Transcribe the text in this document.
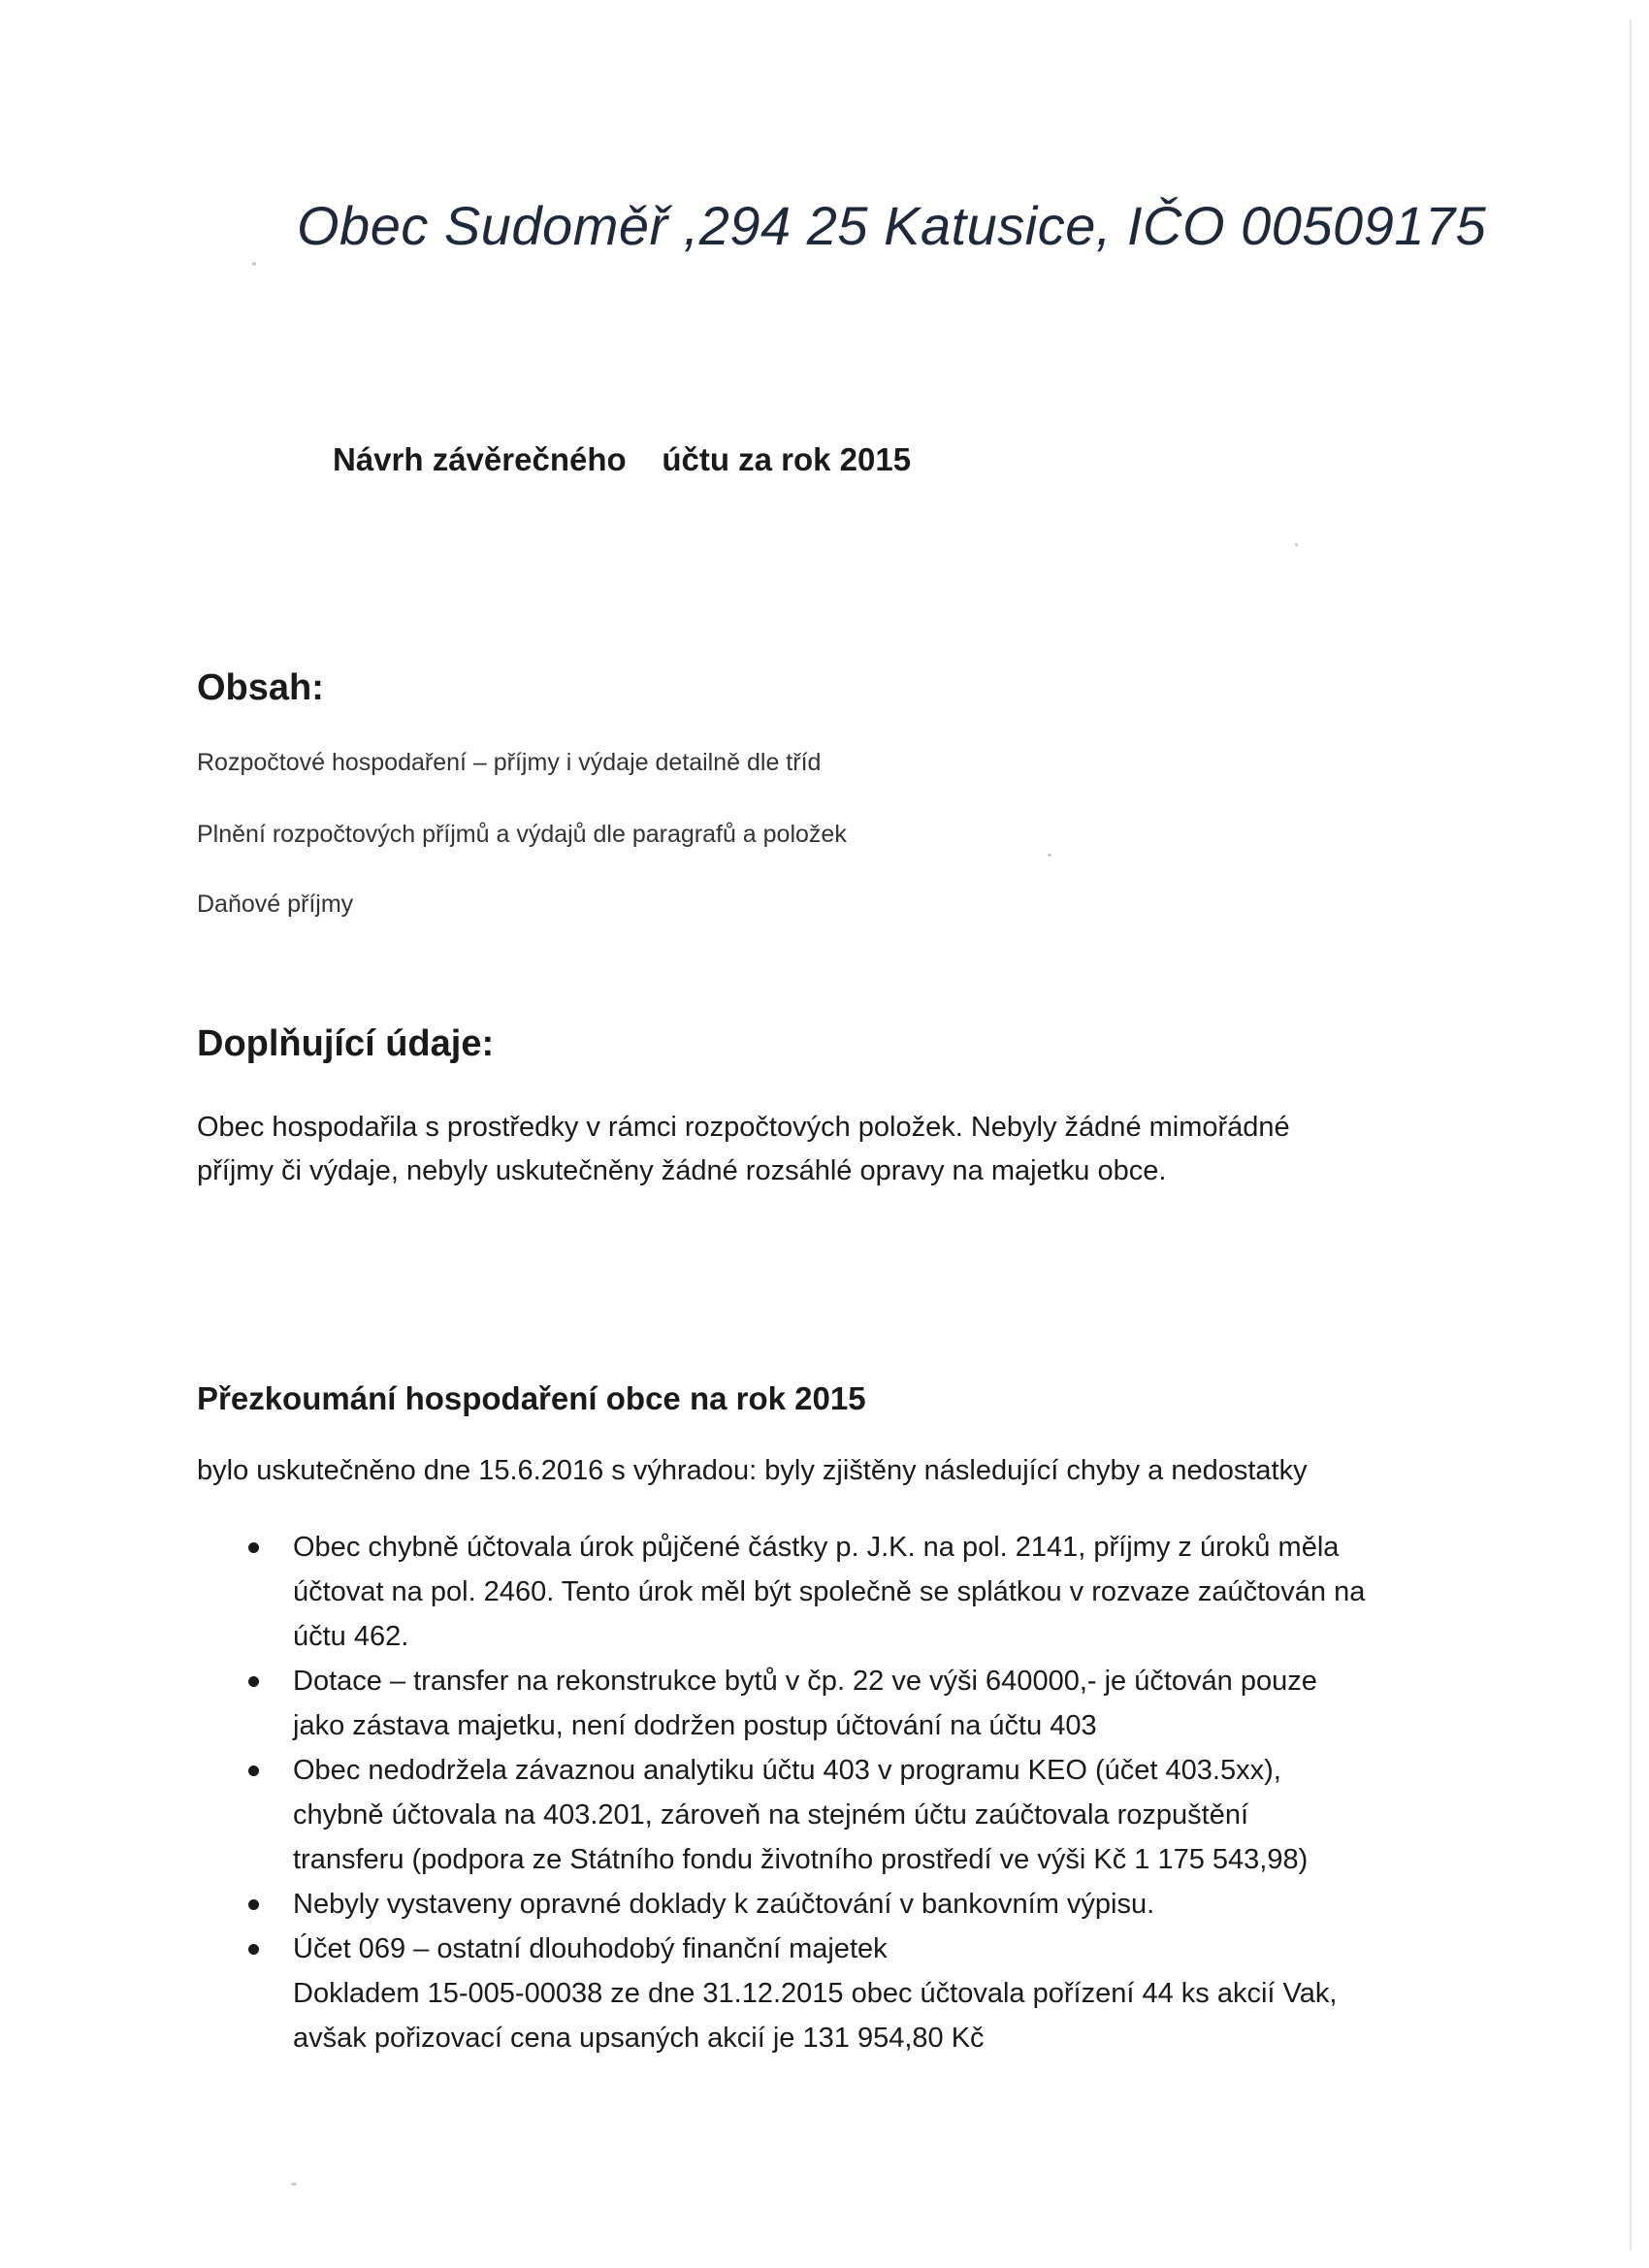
Obec Sudoměř ,294 25 Katusice, IČO 00509175
Návrh závěrečného    účtu za rok 2015
Obsah:
Rozpočtové hospodaření – příjmy i výdaje detailně dle tříd
Plnění rozpočtových příjmů a výdajů dle paragrafů a položek
Daňové příjmy
Doplňující údaje:
Obec hospodařila s prostředky v rámci rozpočtových položek. Nebyly žádné mimořádné
příjmy či výdaje, nebyly uskutečněny žádné rozsáhlé opravy na majetku obce.
Přezkoumání hospodaření obce na rok 2015
bylo uskutečněno dne 15.6.2016 s výhradou: byly zjištěny následující chyby a nedostatky
Obec chybně účtovala úrok půjčené částky p. J.K. na pol. 2141, příjmy z úroků měla
účtovat na pol. 2460. Tento úrok měl být společně se splátkou v rozvaze zaúčtován na
účtu 462.
Dotace – transfer na rekonstrukce bytů v čp. 22 ve výši 640000,- je účtován pouze
jako zástava majetku, není dodržen postup účtování na účtu 403
Obec nedodržela závaznou analytiku účtu 403 v programu KEO (účet 403.5xx),
chybně účtovala na 403.201, zároveň na stejném účtu zaúčtovala rozpuštění
transferu (podpora ze Státního fondu životního prostředí ve výši Kč 1 175 543,98)
Nebyly vystaveny opravné doklady k zaúčtování v bankovním výpisu.
Účet 069 – ostatní dlouhodobý finanční majetek
Dokladem 15-005-00038 ze dne 31.12.2015 obec účtovala pořízení 44 ks akcií Vak,
avšak pořizovací cena upsaných akcií je 131 954,80 Kč
